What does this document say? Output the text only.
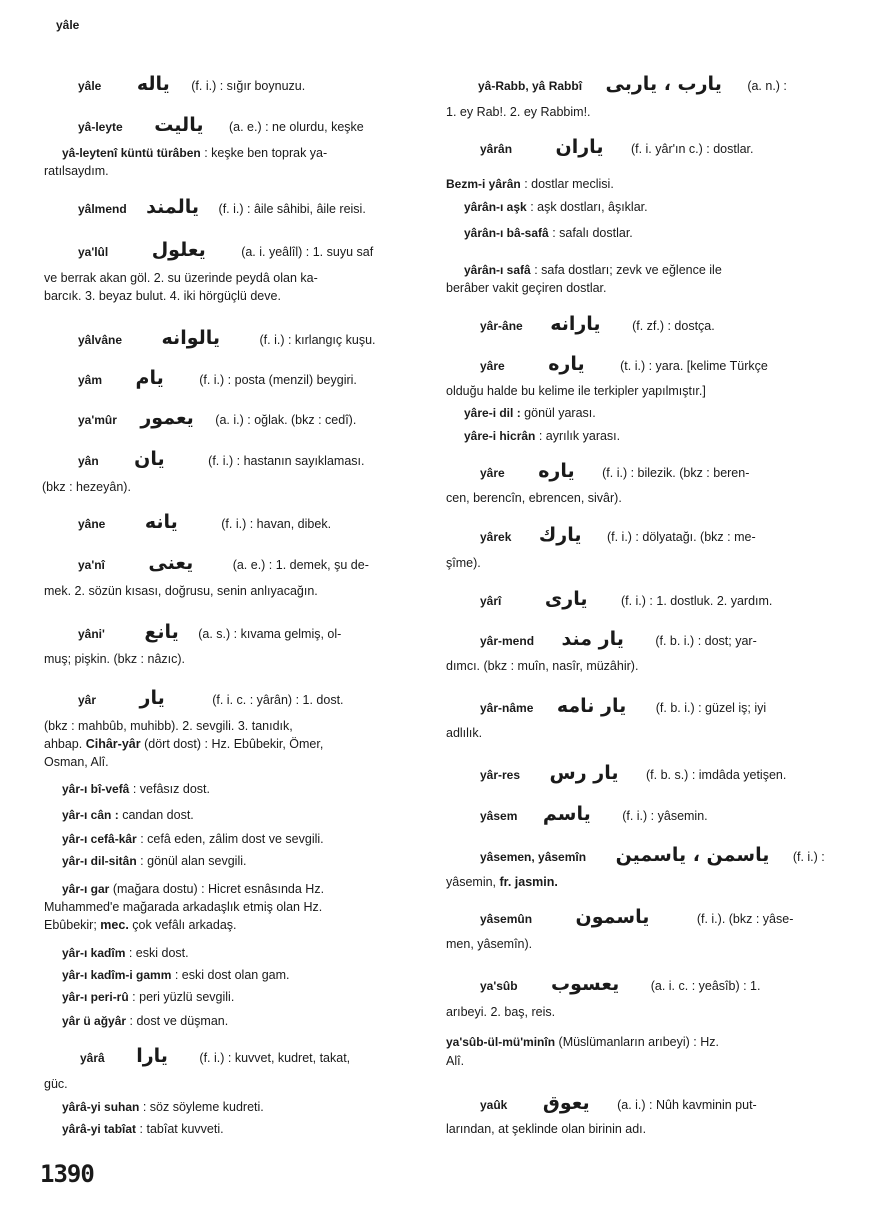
yâle
yâle یاله (f. i.) : sığır boynuzu.
yâ-leyte یالیت (a. e.) : ne olurdu, keşke
yâ-leytenî küntü türâben : keşke ben toprak ya-
ratılsaydım.
yâlmend یالمند (f. i.) : âile sâhibi, âile reisi.
ya'lûl یعلول	(a. i. yeâlîl) : 1. suyu saf
ve berrak akan göl. 2. su üzerinde peydâ olan ka-
barcık. 3. beyaz bulut. 4. iki hörgüçlü deve.
yâlvâne یالوانه	(f. i.) : kırlangıç kuşu.
yâm یام	(f. i.) : posta (menzil) beygiri.
ya'mûr یعمور (a. i.) : oğlak. (bkz : cedî).
yân یان	(f. i.) : hastanın sayıklaması.
(bkz : hezeyân).
yâne یانه	(f. i.) : havan, dibek.
ya'nî یعنی	(a. e.) : 1. demek, şu de-
mek. 2. sözün kısası, doğrusu, senin anlıyacağın.
yâni' یانع (a. s.) : kıvama gelmiş, ol-
muş; pişkin. (bkz : nâzıc).
yâr یار	(f. i. c. : yârân) : 1. dost.
(bkz : mahbûb, muhibb). 2. sevgili. 3. tanıdık,
ahbap. Cihâr-yâr (dört dost) : Hz. Ebûbekir, Ömer,
Osman, Alî.
yâr-ı bî-vefâ : vefâsız dost.
yâr-ı cân : candan dost.
yâr-ı cefâ-kâr : cefâ eden, zâlim dost ve sevgili.
yâr-ı dil-sitân : gönül alan sevgili.
yâr-ı gar (mağara dostu) : Hicret esnâsında Hz.
Muhammed'e mağarada arkadaşlık etmiş olan Hz.
Ebûbekir; mec. çok vefâlı arkadaş.
yâr-ı kadîm : eski dost.
yâr-ı kadîm-i gamm : eski dost olan gam.
yâr-ı peri-rû : peri yüzlü sevgili.
yâr ü ağyâr : dost ve düşman.
yârâ یارا	(f. i.) : kuvvet, kudret, takat,
güc.
yârâ-yi suhan : söz söyleme kudreti.
yârâ-yi tabîat : tabîat kuvveti.
yâ-Rabb, yâ Rabbî یارب ، یاربی (a. n.) :
1. ey Rab!. 2. ey Rabbim!.
yârân یاران (f. i. yâr'ın c.) : dostlar.
Bezm-i yârân : dostlar meclisi.
yârân-ı aşk : aşk dostları, âşıklar.
yârân-ı bâ-safâ : safalı dostlar.
yârân-ı safâ : safa dostları; zevk ve eğlence ile
berâber vakit geçiren dostlar.
yâr-âne یارانه	(f. zf.) : dostça.
yâre یاره	(t. i.) : yara. [kelime Türkçe
olduğu halde bu kelime ile terkipler yapılmıştır.]
yâre-i dil : gönül yarası.
yâre-i hicrân : ayrılık yarası.
yâre یاره (f. i.) : bilezik. (bkz : beren-
cen, berencîn, ebrencen, sivâr).
yârek یارك (f. i.) : dölyatağı. (bkz : me-
şîme).
yârî یاری	(f. i.) : 1. dostluk. 2. yardım.
yâr-mend یار مند	(f. b. i.) : dost; yar-
dımcı. (bkz : muîn, nasîr, müzâhir).
yâr-nâme یار نامه (f. b. i.) : güzel iş; iyi
adlılık.
yâr-res یار رس (f. b. s.) : imdâda yetişen.
yâsem یاسم	(f. i.) : yâsemin.
yâsemen, yâsemîn یاسمن ، یاسمین (f. i.) :
yâsemin, fr. jasmin.
yâsemûn یاسمون	(f. i.). (bkz : yâse-
men, yâsemîn).
ya'sûb یعسوب	(a. i. c. : yeâsîb) : 1.
arıbeyi. 2. baş, reis.
ya'sûb-ül-mü'minîn (Müslümanların arıbeyi) : Hz.
Alî.
yaûk یعوق (a. i.) : Nûh kavminin put-
larından, at şeklinde olan birinin adı.
1390
